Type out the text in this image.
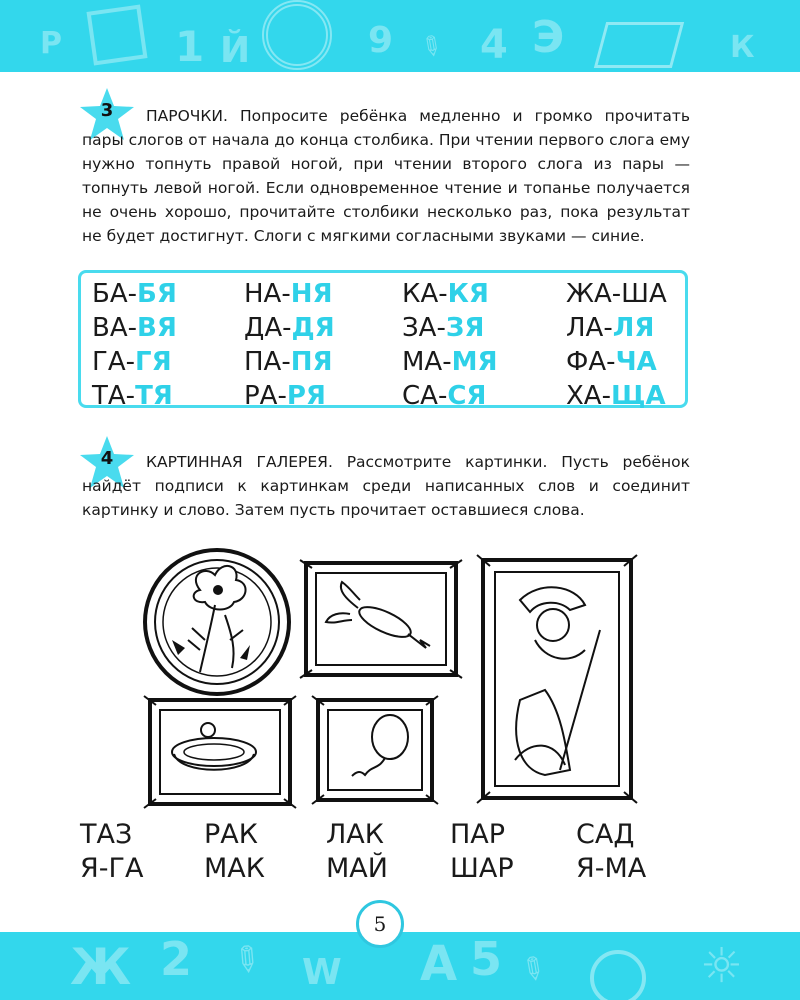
Р	1 Й	9 ✎ 4 Э	К
3	ПАРОЧКИ. Попросите ребёнка медленно и громко прочитать пары слогов от начала до конца столбика. При чтении первого слога ему нужно топнуть правой ногой, при чтении второго слога из пары — топнуть левой ногой. Если одновременное чтение и топанье получается не очень хорошо, прочитайте столбики несколько раз, пока результат не будет достигнут. Слоги с мягкими согласными звуками — синие.
БА-БЯ	НА-НЯ	КА-КЯ	ЖА-ША
ВА-ВЯ	ДА-ДЯ	ЗА-ЗЯ	ЛА-ЛЯ
ГА-ГЯ	ПА-ПЯ	МА-МЯ	ФА-ЧА
ТА-ТЯ	РА-РЯ	СА-СЯ	ХА-ЩА
4	КАРТИННАЯ ГАЛЕРЕЯ. Рассмотрите картинки. Пусть ребёнок найдёт подписи к картинкам среди написанных слов и соединит картинку и слово. Затем пусть прочитает оставшиеся слова.
ТАЗ	РАК	ЛАК ПАР	САД
Я-ГА МАК МАЙ ШАР Я-МА
Ж 2 ✎ W А 5 ✎	☼
5
